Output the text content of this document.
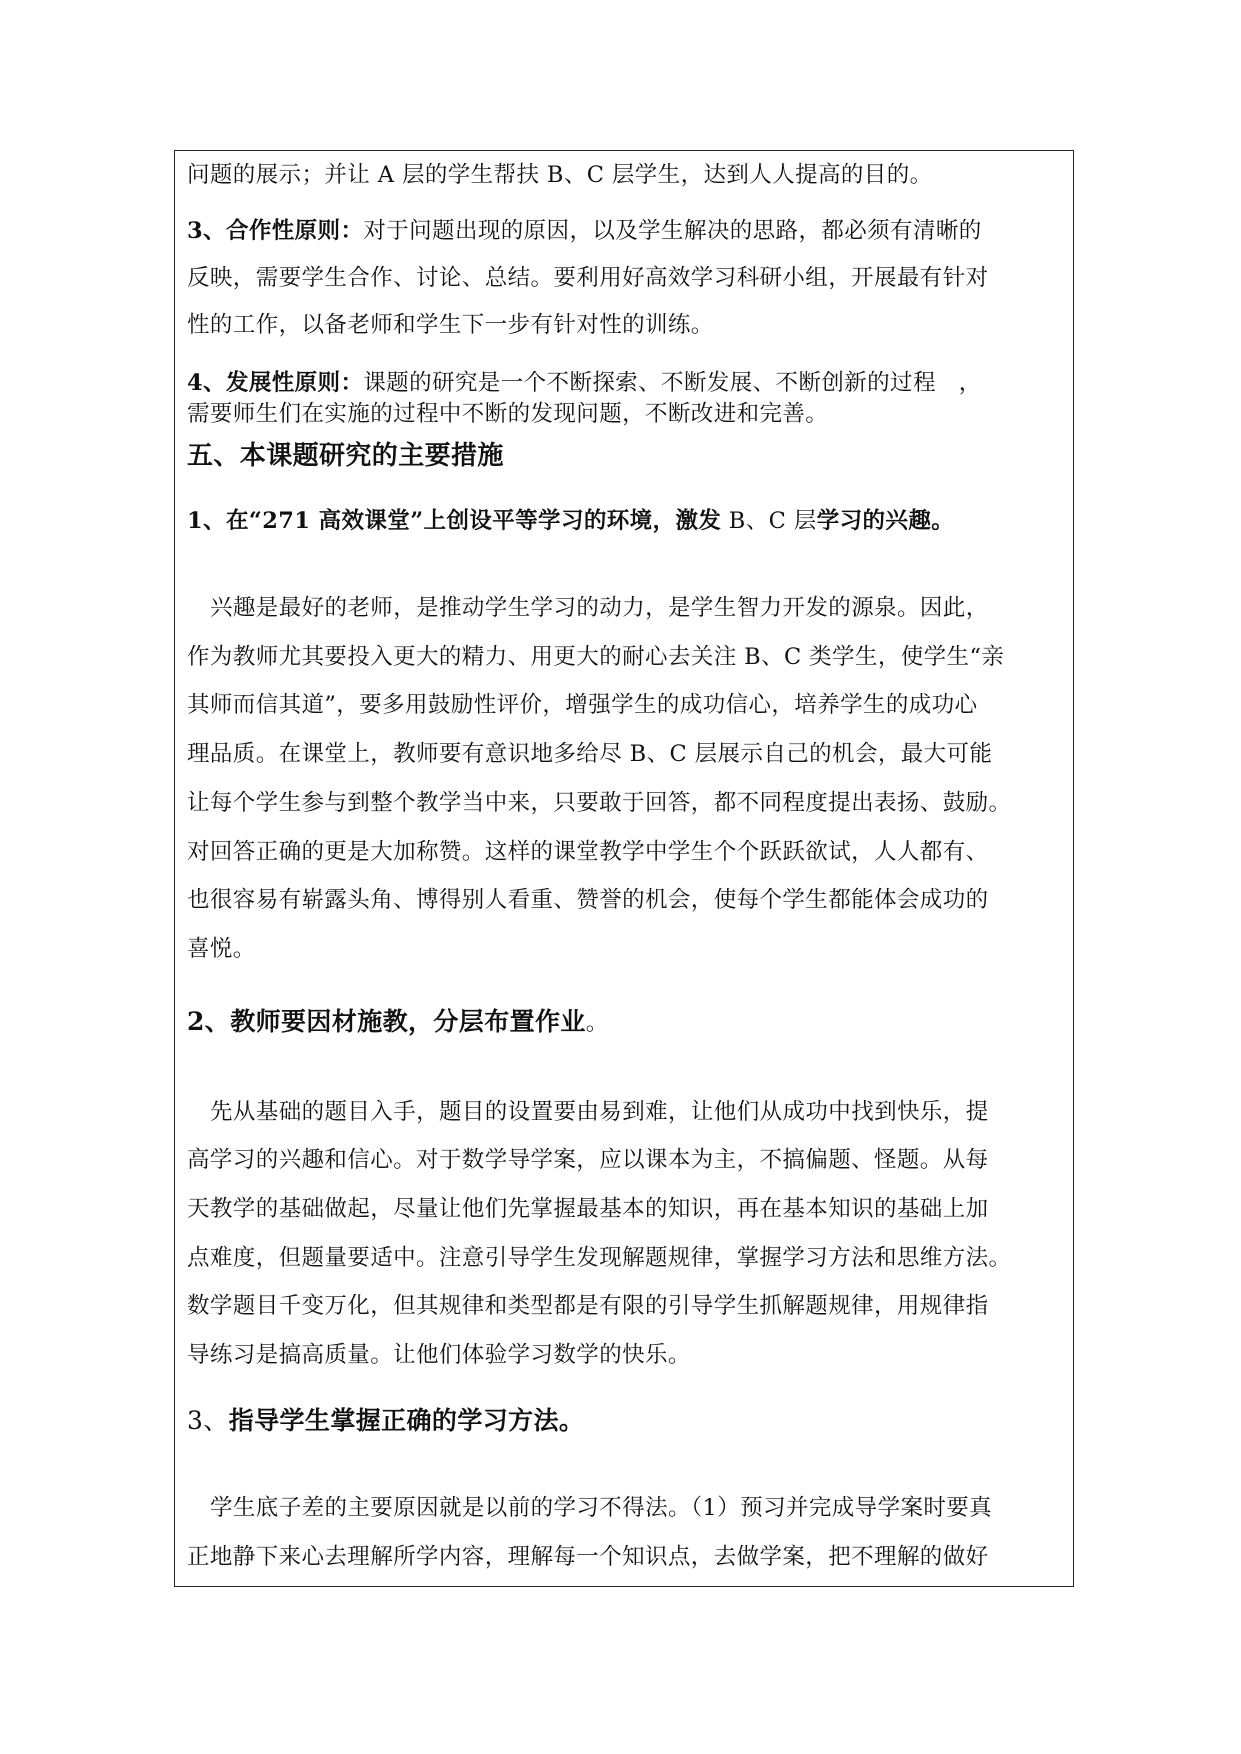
问题的展示；并让 A 层的学生帮扶 B、C 层学生，达到人人提高的目的。
3、合作性原则：对于问题出现的原因，以及学生解决的思路，都必须有清晰的
反映，需要学生合作、讨论、总结。要利用好高效学习科研小组，开展最有针对
性的工作，以备老师和学生下一步有针对性的训练。
4、发展性原则：课题的研究是一个不断探索、不断发展、不断创新的过程　，
需要师生们在实施的过程中不断的发现问题，不断改进和完善。
五、本课题研究的主要措施
1、在“271 高效课堂”上创设平等学习的环境，激发 B、C 层学习的兴趣。
兴趣是最好的老师，是推动学生学习的动力，是学生智力开发的源泉。因此，
作为教师尤其要投入更大的精力、用更大的耐心去关注 B、C 类学生，使学生“亲
其师而信其道”，要多用鼓励性评价，增强学生的成功信心，培养学生的成功心
理品质。在课堂上，教师要有意识地多给尽 B、C 层展示自己的机会，最大可能
让每个学生参与到整个教学当中来，只要敢于回答，都不同程度提出表扬、鼓励。
对回答正确的更是大加称赞。这样的课堂教学中学生个个跃跃欲试，人人都有、
也很容易有崭露头角、博得别人看重、赞誉的机会，使每个学生都能体会成功的
喜悦。
2、教师要因材施教，分层布置作业。
先从基础的题目入手，题目的设置要由易到难，让他们从成功中找到快乐，提
高学习的兴趣和信心。对于数学导学案，应以课本为主，不搞偏题、怪题。从每
天教学的基础做起，尽量让他们先掌握最基本的知识，再在基本知识的基础上加
点难度，但题量要适中。注意引导学生发现解题规律，掌握学习方法和思维方法。
数学题目千变万化，但其规律和类型都是有限的引导学生抓解题规律，用规律指
导练习是搞高质量。让他们体验学习数学的快乐。
3、指导学生掌握正确的学习方法。
学生底子差的主要原因就是以前的学习不得法。（1）预习并完成导学案时要真
正地静下来心去理解所学内容，理解每一个知识点，去做学案，把不理解的做好
